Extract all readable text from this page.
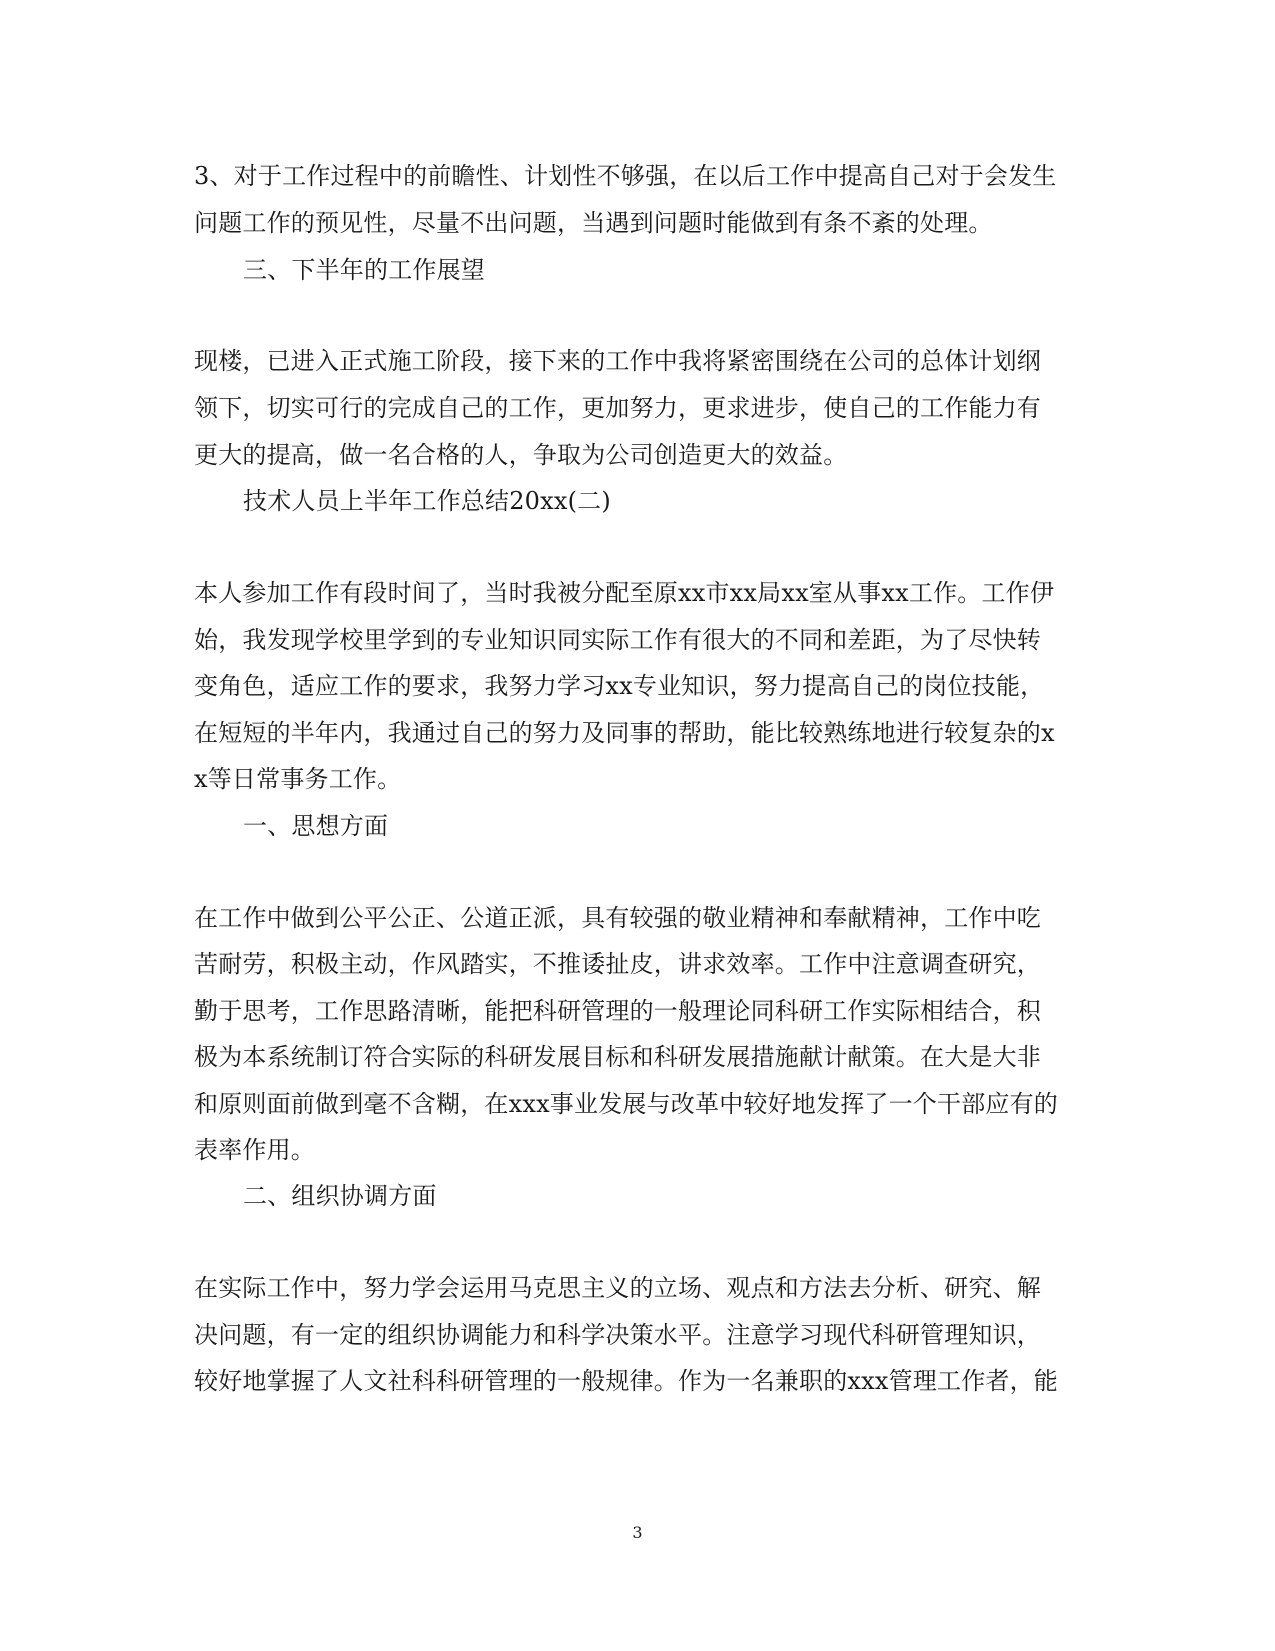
3、对于工作过程中的前瞻性、计划性不够强，在以后工作中提高自己对于会发生
问题工作的预见性，尽量不出问题，当遇到问题时能做到有条不紊的处理。
三、下半年的工作展望
现楼，已进入正式施工阶段，接下来的工作中我将紧密围绕在公司的总体计划纲
领下，切实可行的完成自己的工作，更加努力，更求进步，使自己的工作能力有
更大的提高，做一名合格的人，争取为公司创造更大的效益。
技术人员上半年工作总结20xx(二)
本人参加工作有段时间了，当时我被分配至原xx市xx局xx室从事xx工作。工作伊
始，我发现学校里学到的专业知识同实际工作有很大的不同和差距，为了尽快转
变角色，适应工作的要求，我努力学习xx专业知识，努力提高自己的岗位技能，
在短短的半年内，我通过自己的努力及同事的帮助，能比较熟练地进行较复杂的x
x等日常事务工作。
一、思想方面
在工作中做到公平公正、公道正派，具有较强的敬业精神和奉献精神，工作中吃
苦耐劳，积极主动，作风踏实，不推诿扯皮，讲求效率。工作中注意调查研究，
勤于思考，工作思路清晰，能把科研管理的一般理论同科研工作实际相结合，积
极为本系统制订符合实际的科研发展目标和科研发展措施献计献策。在大是大非
和原则面前做到毫不含糊，在xxx事业发展与改革中较好地发挥了一个干部应有的
表率作用。
二、组织协调方面
在实际工作中，努力学会运用马克思主义的立场、观点和方法去分析、研究、解
决问题，有一定的组织协调能力和科学决策水平。注意学习现代科研管理知识，
较好地掌握了人文社科科研管理的一般规律。作为一名兼职的xxx管理工作者，能
3
